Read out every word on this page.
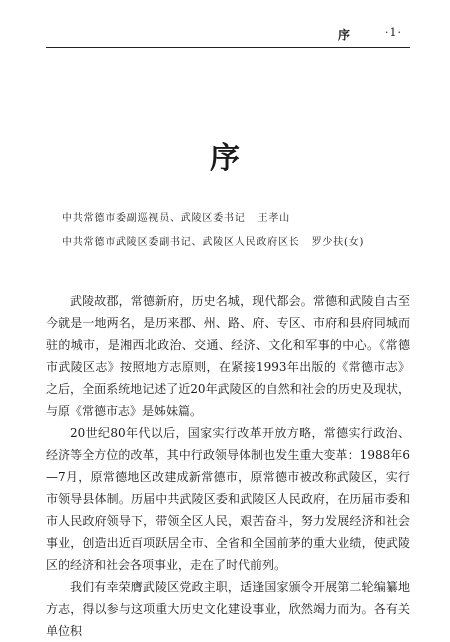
序	·1·
序
中共常德市委副巡视员、武陵区委书记 王孝山
中共常德市武陵区委副书记、武陵区人民政府区长 罗少扶(女)

武陵故郡，常德新府，历史名城，现代都会。常德和武陵自古至今就是一地两名，是历来郡、州、路、府、专区、市府和县府同城而驻的城市，是湘西北政治、交通、经济、文化和军事的中心。《常德市武陵区志》按照地方志原则，在紧接1993年出版的《常德市志》之后，全面系统地记述了近20年武陵区的自然和社会的历史及现状，与原《常德市志》是姊妹篇。

20世纪80年代以后，国家实行改革开放方略，常德实行政治、经济等全方位的改革，其中行政领导体制也发生重大变革：1988年6—7月，原常德地区改建成新常德市，原常德市被改称武陵区，实行市领导县体制。历届中共武陵区委和武陵区人民政府，在历届市委和市人民政府领导下，带领全区人民，艰苦奋斗，努力发展经济和社会事业，创造出近百项跃居全市、全省和全国前茅的重大业绩，使武陵区的经济和社会各项事业，走在了时代前列。

我们有幸荣膺武陵区党政主职，适逢国家颁令开展第二轮编纂地方志，得以参与这项重大历史文化建设事业，欣然竭力而为。各有关单位积
